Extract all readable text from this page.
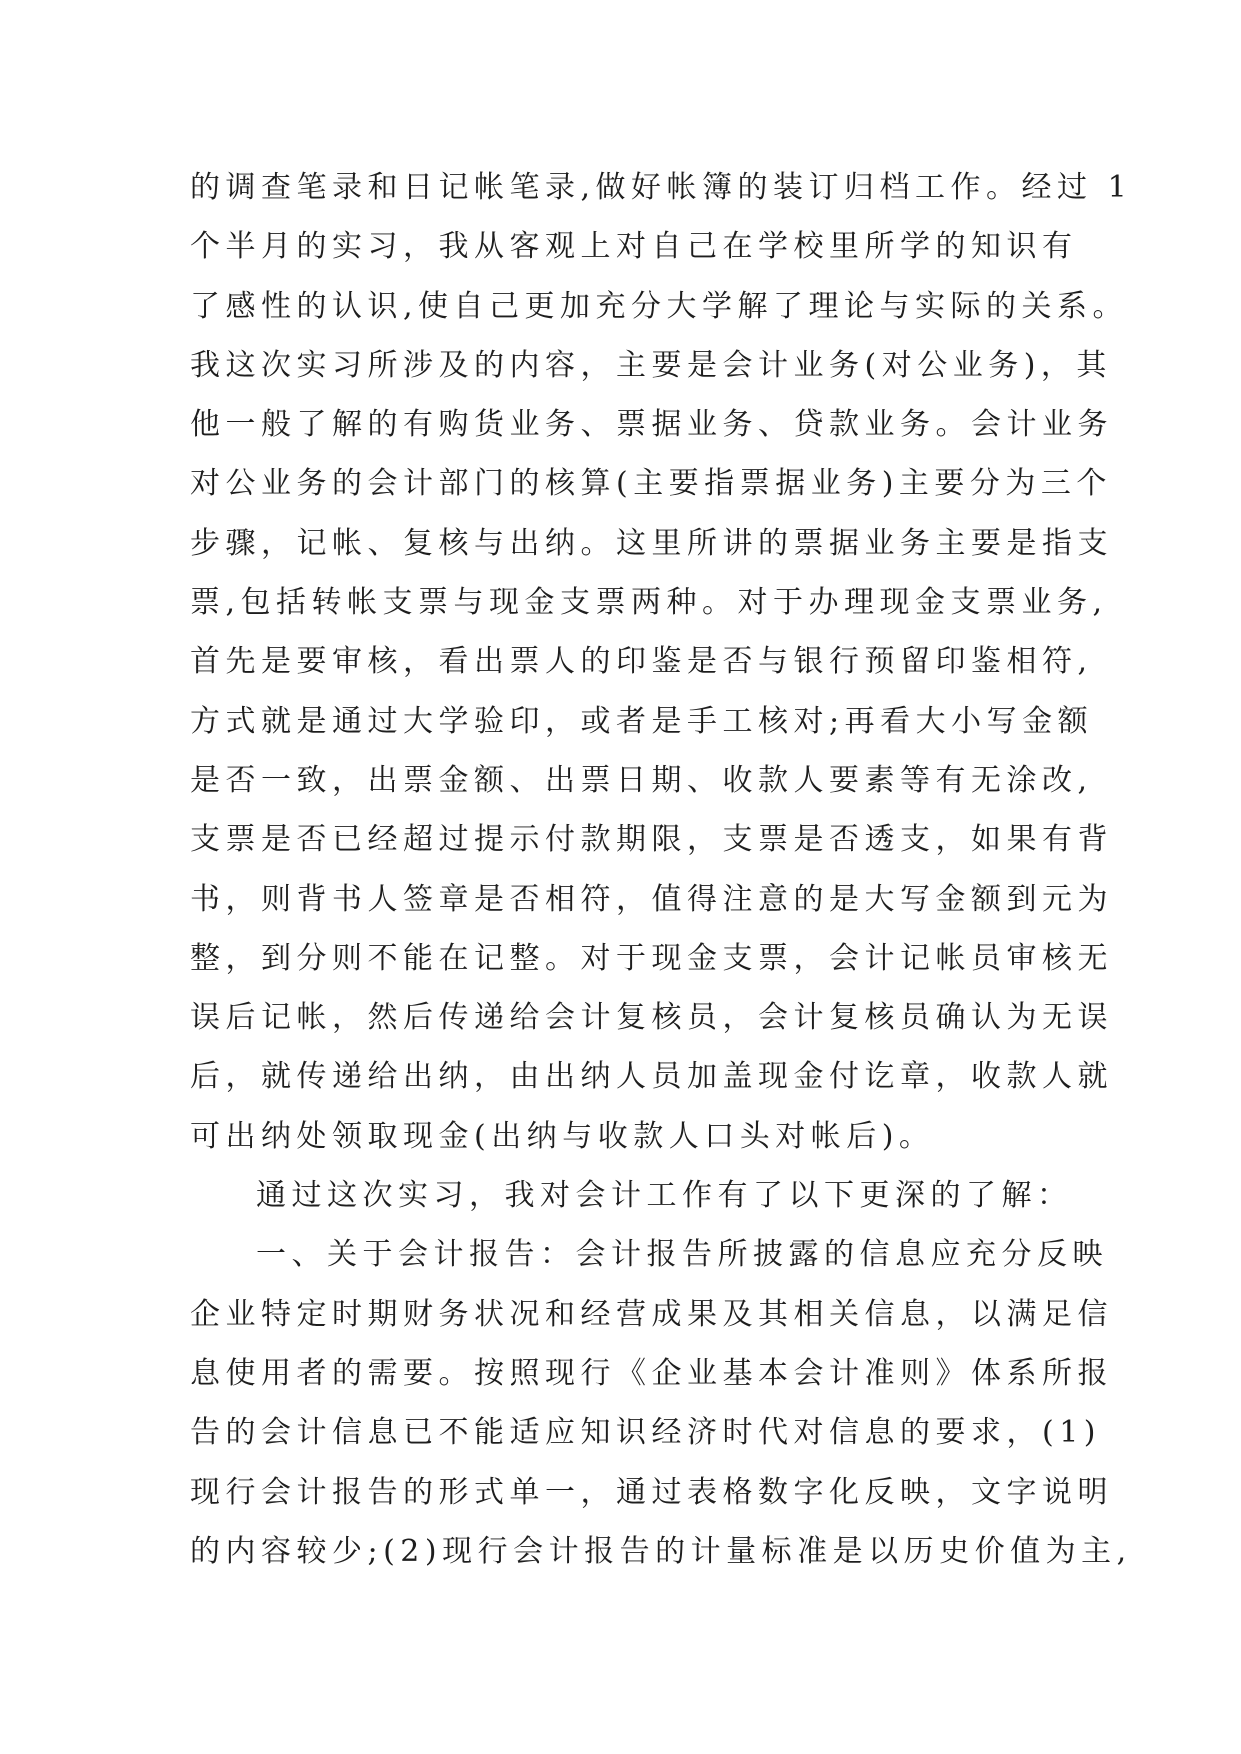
的调查笔录和日记帐笔录,做好帐簿的装订归档工作。经过 1
个半月的实习，我从客观上对自己在学校里所学的知识有
了感性的认识,使自己更加充分大学解了理论与实际的关系。
我这次实习所涉及的内容，主要是会计业务(对公业务)，其
他一般了解的有购货业务、票据业务、贷款业务。会计业务
对公业务的会计部门的核算(主要指票据业务)主要分为三个
步骤，记帐、复核与出纳。这里所讲的票据业务主要是指支
票,包括转帐支票与现金支票两种。对于办理现金支票业务,
首先是要审核，看出票人的印鉴是否与银行预留印鉴相符,
方式就是通过大学验印，或者是手工核对;再看大小写金额
是否一致，出票金额、出票日期、收款人要素等有无涂改,
支票是否已经超过提示付款期限，支票是否透支，如果有背
书，则背书人签章是否相符，值得注意的是大写金额到元为
整，到分则不能在记整。对于现金支票，会计记帐员审核无
误后记帐，然后传递给会计复核员，会计复核员确认为无误
后，就传递给出纳，由出纳人员加盖现金付讫章，收款人就
可出纳处领取现金(出纳与收款人口头对帐后)。
通过这次实习，我对会计工作有了以下更深的了解：
一、关于会计报告：会计报告所披露的信息应充分反映
企业特定时期财务状况和经营成果及其相关信息，以满足信
息使用者的需要。按照现行《企业基本会计准则》体系所报
告的会计信息已不能适应知识经济时代对信息的要求，(1)
现行会计报告的形式单一，通过表格数字化反映，文字说明
的内容较少;(2)现行会计报告的计量标准是以历史价值为主,
